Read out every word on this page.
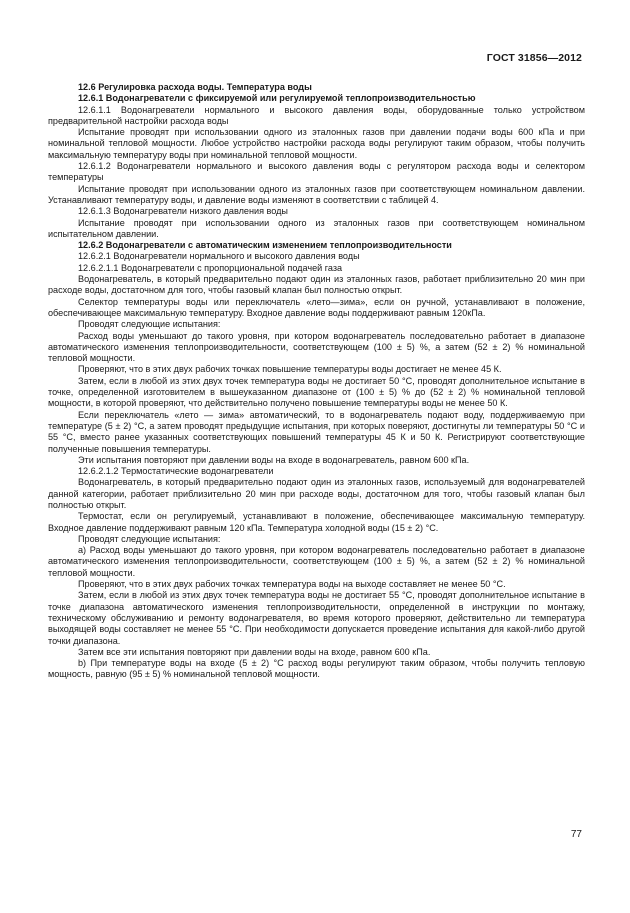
ГОСТ 31856—2012

12.6 Регулировка расхода воды. Температура воды

12.6.1 Водонагреватели с фиксируемой или регулируемой теплопроизводительностью

12.6.1.1 Водонагреватели нормального и высокого давления воды, оборудованные только устройством предварительной настройки расхода воды

Испытание проводят при использовании одного из эталонных газов при давлении подачи воды 600 кПа и при номинальной тепловой мощности. Любое устройство настройки расхода воды регулируют таким образом, чтобы получить максимальную температуру воды при номинальной тепловой мощности.

12.6.1.2 Водонагреватели нормального и высокого давления воды с регулятором расхода воды и селектором температуры

Испытание проводят при использовании одного из эталонных газов при соответствующем номинальном давлении. Устанавливают температуру воды, и давление воды изменяют в соответствии с таблицей 4.

12.6.1.3 Водонагреватели низкого давления воды

Испытание проводят при использовании одного из эталонных газов при соответствующем номинальном испытательном давлении.

12.6.2 Водонагреватели с автоматическим изменением теплопроизводительности

12.6.2.1 Водонагреватели нормального и высокого давления воды

12.6.2.1.1 Водонагреватели с пропорциональной подачей газа

Водонагреватель, в который предварительно подают один из эталонных газов, работает приблизительно 20 мин при расходе воды, достаточном для того, чтобы газовый клапан был полностью открыт.

Селектор температуры воды или переключатель «лето—зима», если он ручной, устанавливают в положение, обеспечивающее максимальную температуру. Входное давление воды поддерживают равным 120кПа.

Проводят следующие испытания:

Расход воды уменьшают до такого уровня, при котором водонагреватель последовательно работает в диапазоне автоматического изменения теплопроизводительности, соответствующем (100 ± 5) %, а затем (52 ± 2) % номинальной тепловой мощности.

Проверяют, что в этих двух рабочих точках повышение температуры воды достигает не менее 45 К.

Затем, если в любой из этих двух точек температура воды не достигает 50 °C, проводят дополнительное испытание в точке, определенной изготовителем в вышеуказанном диапазоне от (100 ± 5) % до (52 ± 2) % номинальной тепловой мощности, в которой проверяют, что действительно получено повышение температуры воды не менее 50 К.

Если переключатель «лето — зима» автоматический, то в водонагреватель подают воду, поддерживаемую при температуре (5 ± 2) °C, а затем проводят предыдущие испытания, при которых поверяют, достигнуты ли температуры 50 °C и 55 °C, вместо ранее указанных соответствующих повышений температуры 45 К и 50 К. Регистрируют соответствующие полученные повышения температуры.

Эти испытания повторяют при давлении воды на входе в водонагреватель, равном 600 кПа.

12.6.2.1.2 Термостатические водонагреватели

Водонагреватель, в который предварительно подают один из эталонных газов, используемый для водонагревателей данной категории, работает приблизительно 20 мин при расходе воды, достаточном для того, чтобы газовый клапан был полностью открыт.

Термостат, если он регулируемый, устанавливают в положение, обеспечивающее максимальную температуру. Входное давление поддерживают равным 120 кПа. Температура холодной воды (15 ± 2) °C.

Проводят следующие испытания:

а) Расход воды уменьшают до такого уровня, при котором водонагреватель последовательно работает в диапазоне автоматического изменения теплопроизводительности, соответствующем (100 ± 5) %, а затем (52 ± 2) % номинальной тепловой мощности.

Проверяют, что в этих двух рабочих точках температура воды на выходе составляет не менее 50 °C.

Затем, если в любой из этих двух точек температура воды не достигает 55 °C, проводят дополнительное испытание в точке диапазона автоматического изменения теплопроизводительности, определенной в инструкции по монтажу, техническому обслуживанию и ремонту водонагревателя, во время которого проверяют, действительно ли температура выходящей воды составляет не менее 55 °C. При необходимости допускается проведение испытания для какой-либо другой точки диапазона.

Затем все эти испытания повторяют при давлении воды на входе, равном 600 кПа.

b) При температуре воды на входе (5 ± 2) °C расход воды регулируют таким образом, чтобы получить тепловую мощность, равную (95 ± 5) % номинальной тепловой мощности.

77
